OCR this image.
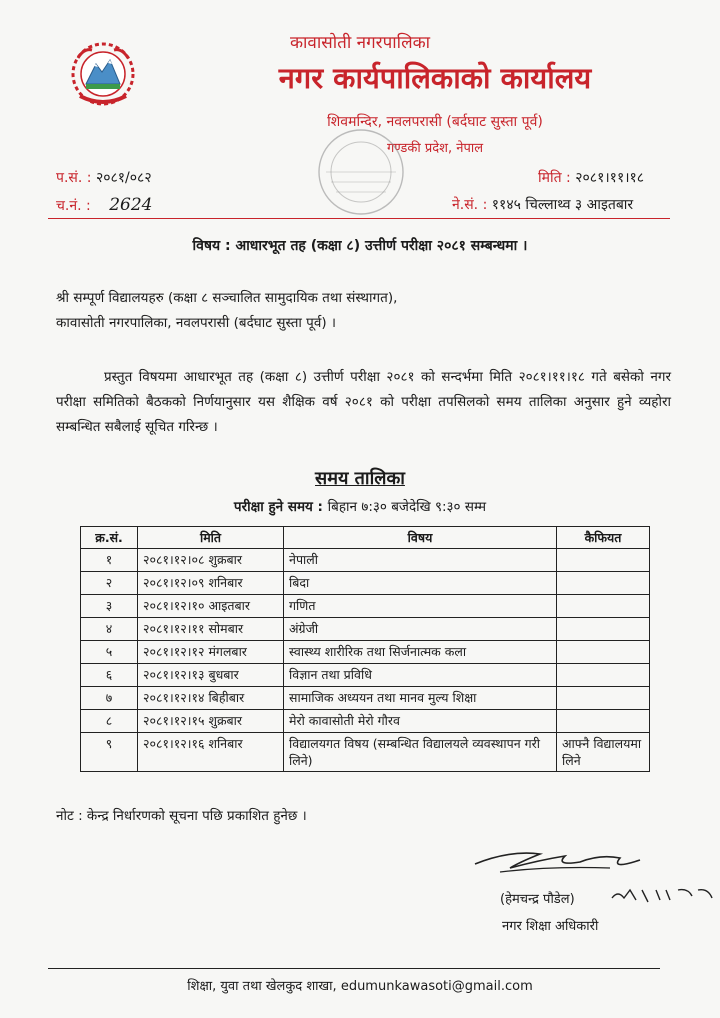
कावासोती नगरपालिका
नगर कार्यपालिकाको कार्यालय
शिवमन्दिर, नवलपरासी (बर्दघाट सुस्ता पूर्व)
गण्डकी प्रदेश, नेपाल
प.सं. : २०८१/०८२	मिति : २०८१।११।१८
च.नं. : 2624	ने.सं. : ११४५ चिल्लाथ्व ३ आइतबार
विषय : आधारभूत तह (कक्षा ८) उत्तीर्ण परीक्षा २०८१ सम्बन्धमा ।
श्री सम्पूर्ण विद्यालयहरु (कक्षा ८ सञ्चालित सामुदायिक तथा संस्थागत),
कावासोती नगरपालिका, नवलपरासी (बर्दघाट सुस्ता पूर्व) ।
प्रस्तुत विषयमा आधारभूत तह (कक्षा ८) उत्तीर्ण परीक्षा २०८१ को सन्दर्भमा मिति २०८१।११।१८ गते बसेको नगर परीक्षा समितिको बैठकको निर्णयानुसार यस शैक्षिक वर्ष २०८१ को परीक्षा तपसिलको समय तालिका अनुसार हुने व्यहोरा सम्बन्धित सबैलाई सूचित गरिन्छ ।
समय तालिका
परीक्षा हुने समय : बिहान ७:३० बजेदेखि ९:३० सम्म
क्र.सं.	मिति	विषय	कैफियत
१	२०८१।१२।०८ शुक्रबार	नेपाली	
२	२०८१।१२।०९ शनिबार	बिदा	
३	२०८१।१२।१० आइतबार	गणित	
४	२०८१।१२।११ सोमबार	अंग्रेजी	
५	२०८१।१२।१२ मंगलबार	स्वास्थ्य शारीरिक तथा सिर्जनात्मक कला	
६	२०८१।१२।१३ बुधबार	विज्ञान तथा प्रविधि	
७	२०८१।१२।१४ बिहीबार	सामाजिक अध्ययन तथा मानव मुल्य शिक्षा	
८	२०८१।१२।१५ शुक्रबार	मेरो कावासोती मेरो गौरव	
९	२०८१।१२।१६ शनिबार	विद्यालयगत विषय (सम्बन्धित विद्यालयले व्यवस्थापन गरी लिने)	आफ्नै विद्यालयमा लिने
नोट : केन्द्र निर्धारणको सूचना पछि प्रकाशित हुनेछ ।
(हेमचन्द्र पौडेल)
नगर शिक्षा अधिकारी
शिक्षा, युवा तथा खेलकुद शाखा, edumunkawasoti@gmail.com
